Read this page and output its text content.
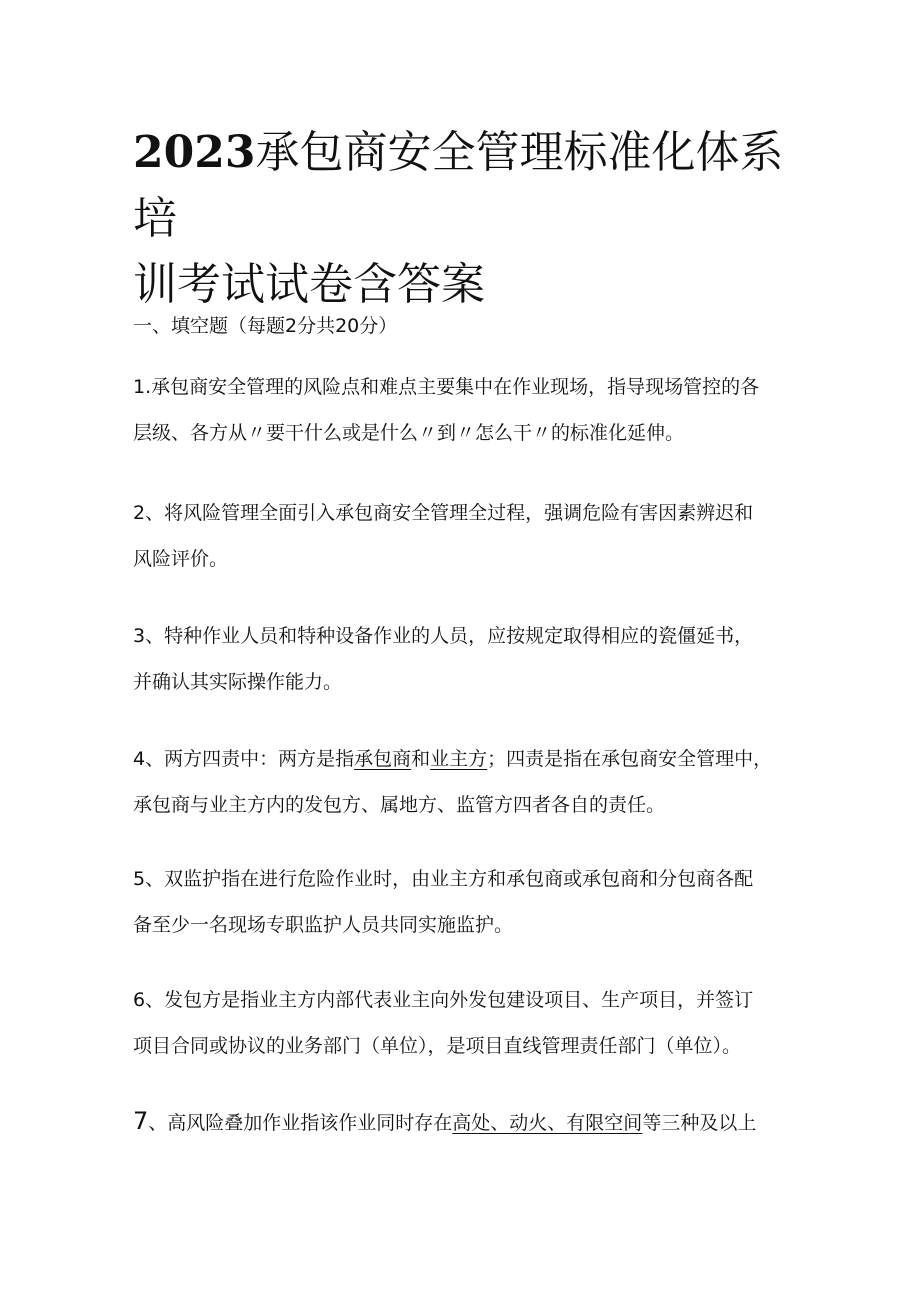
2023承包商安全管理标准化体系培
训考试试卷含答案
一、填空题（每题2分共20分）

1.承包商安全管理的风险点和难点主要集中在作业现场，指导现场管控的各
层级、各方从〃要干什么或是什么〃到〃怎么干〃的标准化延伸。

2、将风险管理全面引入承包商安全管理全过程，强调危险有害因素辨迟和
风险评价。

3、特种作业人员和特种设备作业的人员，应按规定取得相应的瓷僵延书，
并确认其实际操作能力。

4、两方四责中：两方是指承包商和业主方；四责是指在承包商安全管理中，
承包商与业主方内的发包方、属地方、监管方四者各自的责任。

5、双监护指在进行危险作业时，由业主方和承包商或承包商和分包商各配
备至少一名现场专职监护人员共同实施监护。

6、发包方是指业主方内部代表业主向外发包建设项目、生产项目，并签订
项目合同或协议的业务部门（单位），是项目直线管理责任部门（单位）。

7、高风险叠加作业指该作业同时存在高处、动火、有限空间等三种及以上
